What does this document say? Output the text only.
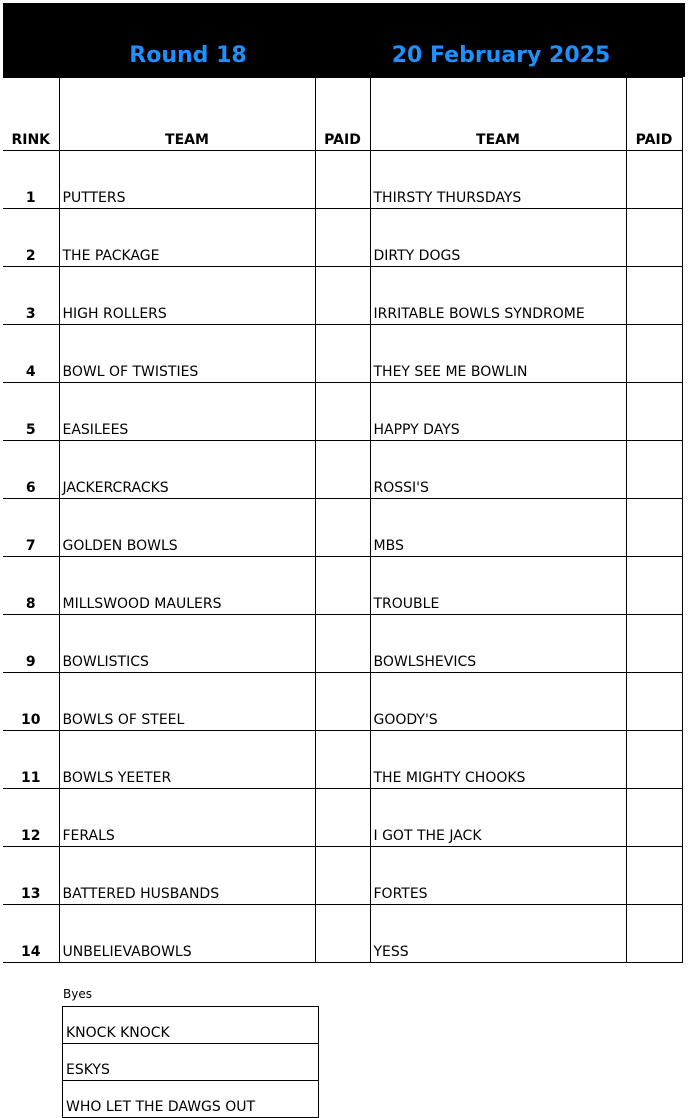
Round 18	20 February 2025
RINK	TEAM	PAID	TEAM	PAID
1	PUTTERS		THIRSTY THURSDAYS	
2	THE PACKAGE		DIRTY DOGS	
3	HIGH ROLLERS		IRRITABLE BOWLS SYNDROME	
4	BOWL OF TWISTIES		THEY SEE ME BOWLIN	
5	EASILEES		HAPPY DAYS	
6	JACKERCRACKS		ROSSI'S	
7	GOLDEN BOWLS		MBS	
8	MILLSWOOD MAULERS		TROUBLE	
9	BOWLISTICS		BOWLSHEVICS	
10	BOWLS OF STEEL		GOODY'S	
11	BOWLS YEETER		THE MIGHTY CHOOKS	
12	FERALS		I GOT THE JACK	
13	BATTERED HUSBANDS		FORTES	
14	UNBELIEVABOWLS		YESS	
Byes
KNOCK KNOCK
ESKYS
WHO LET THE DAWGS OUT
